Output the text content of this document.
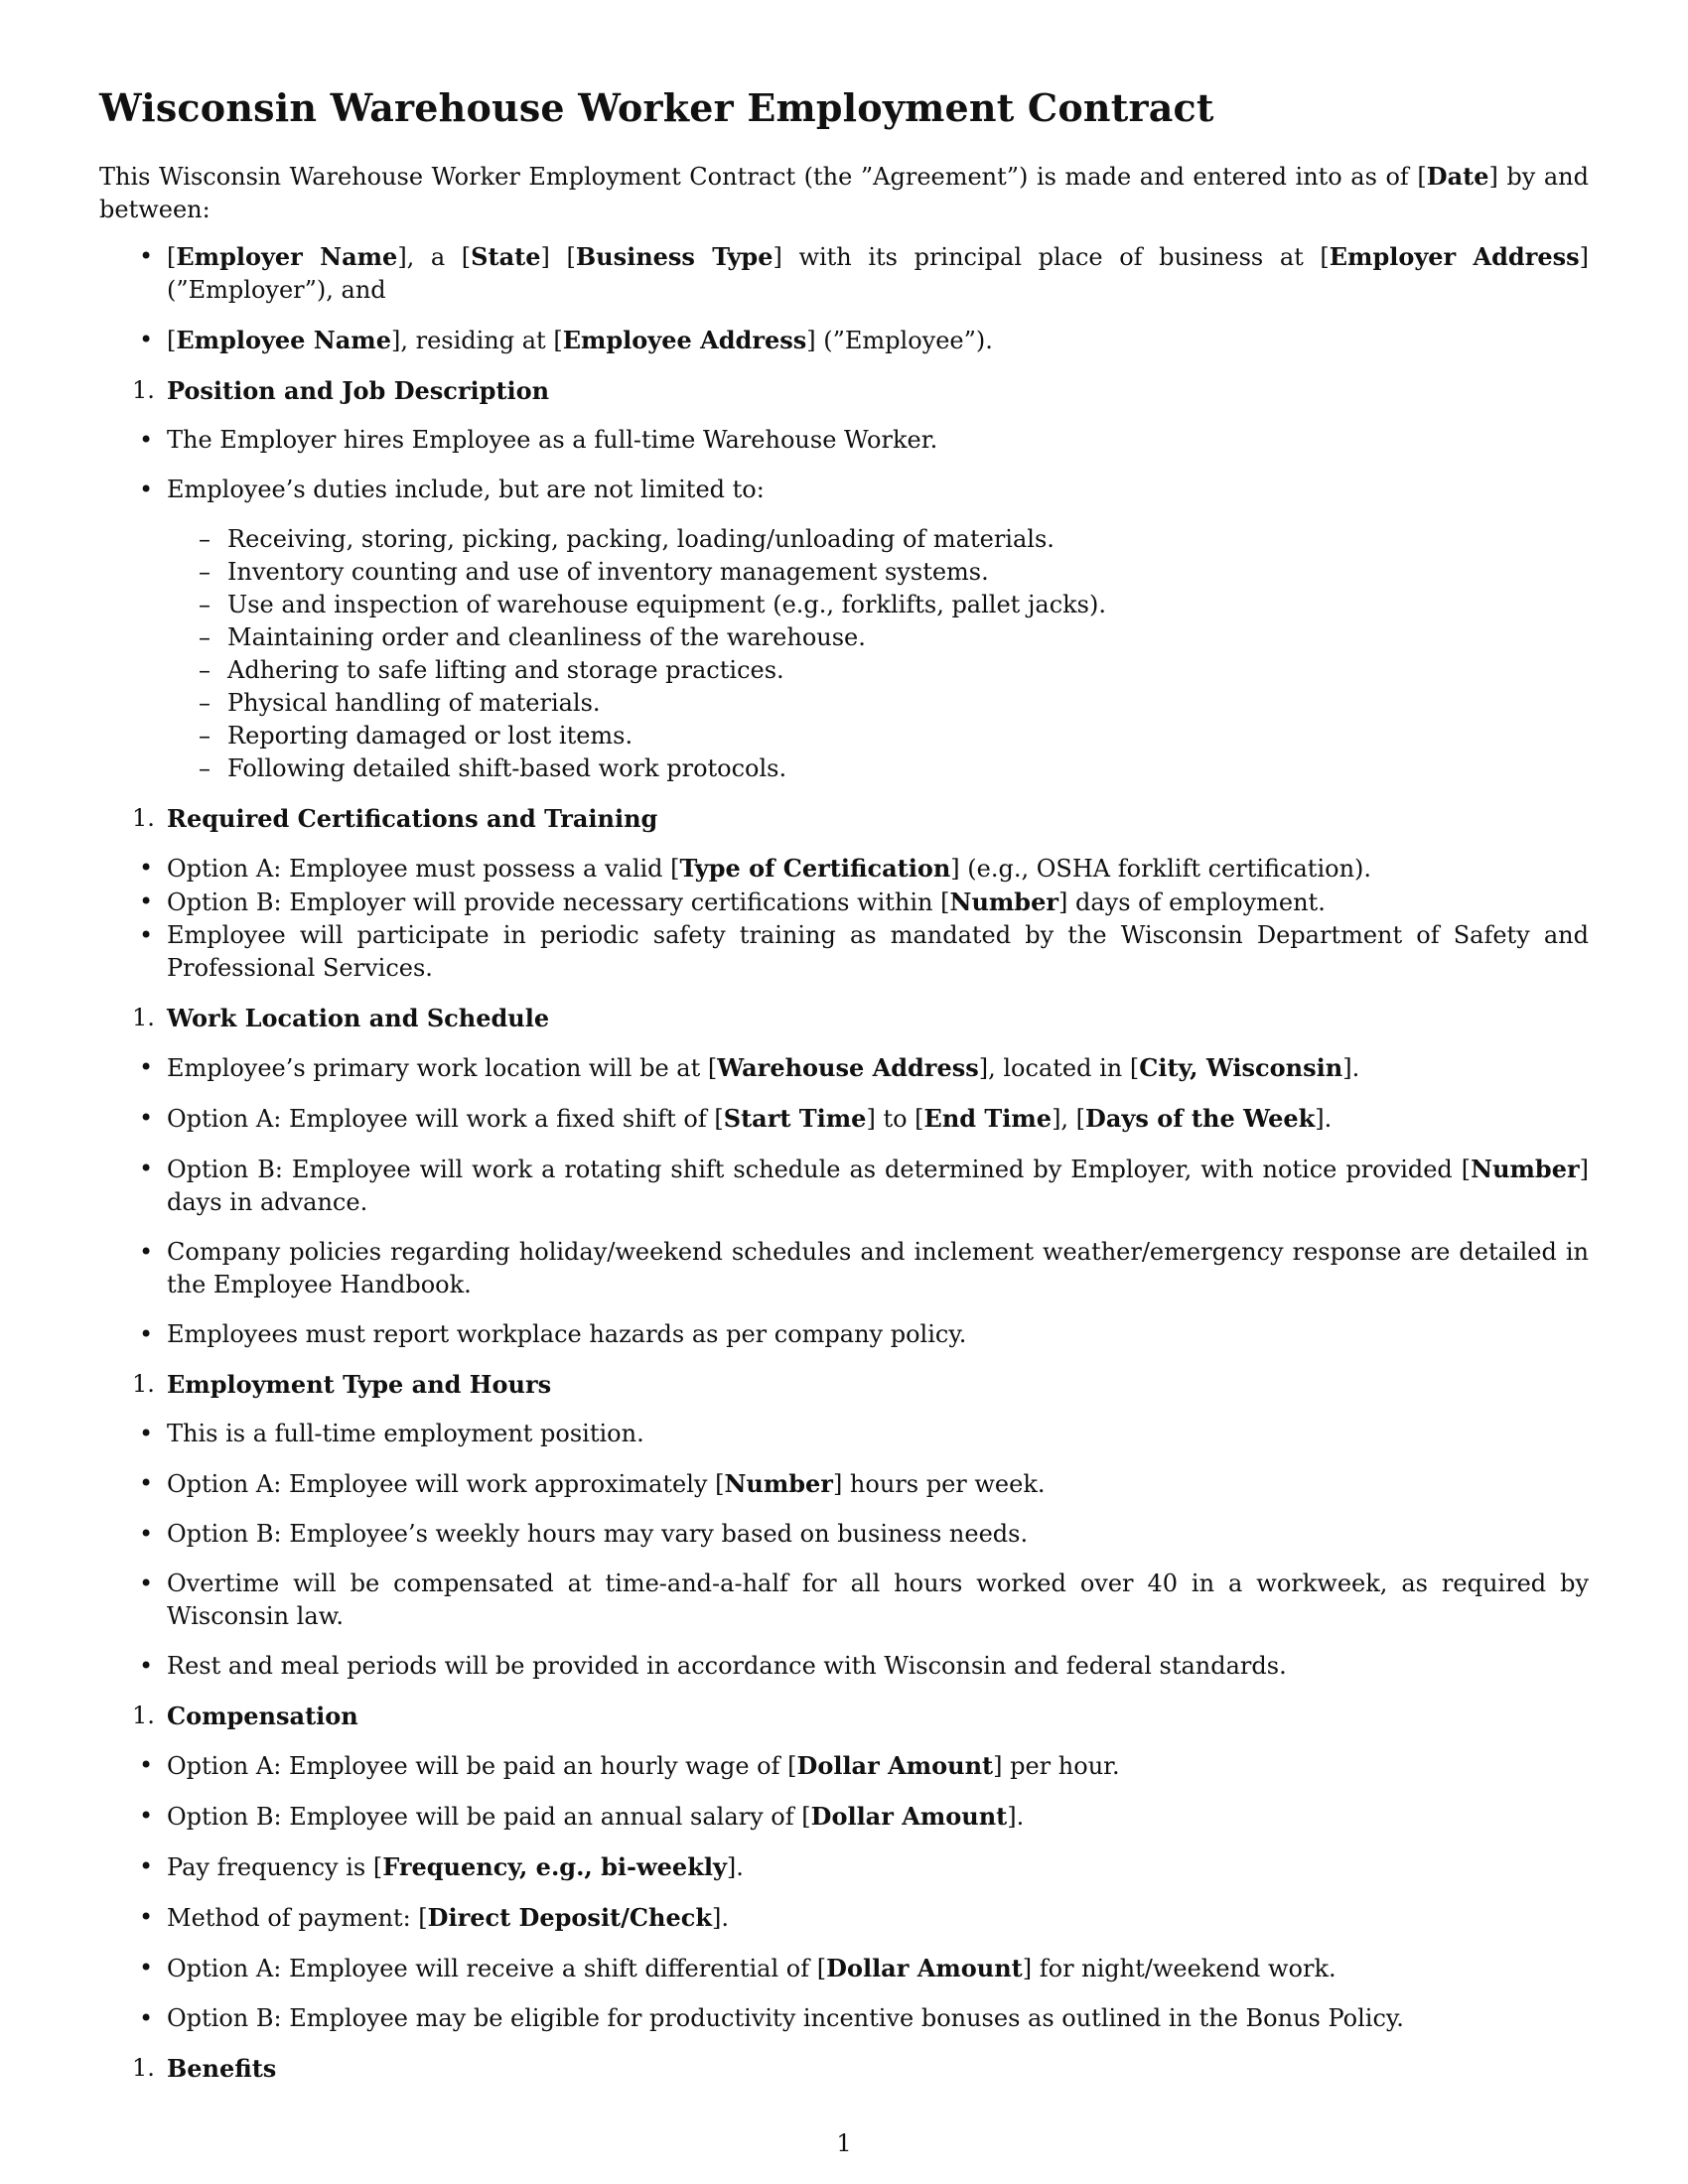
Wisconsin Warehouse Worker Employment Contract
This Wisconsin Warehouse Worker Employment Contract (the ”Agreement”) is made and entered into as of [Date] by and between:
• [Employer Name], a [State] [Business Type] with its principal place of business at [Employer Address] (”Employer”), and
• [Employee Name], residing at [Employee Address] (”Employee”).
1. Position and Job Description
• The Employer hires Employee as a full-time Warehouse Worker.
• Employee’s duties include, but are not limited to:
– Receiving, storing, picking, packing, loading/unloading of materials.
– Inventory counting and use of inventory management systems.
– Use and inspection of warehouse equipment (e.g., forklifts, pallet jacks).
– Maintaining order and cleanliness of the warehouse.
– Adhering to safe lifting and storage practices.
– Physical handling of materials.
– Reporting damaged or lost items.
– Following detailed shift-based work protocols.
1. Required Certifications and Training
• Option A: Employee must possess a valid [Type of Certification] (e.g., OSHA forklift certification).
• Option B: Employer will provide necessary certifications within [Number] days of employment.
• Employee will participate in periodic safety training as mandated by the Wisconsin Department of Safety and Professional Services.
1. Work Location and Schedule
• Employee’s primary work location will be at [Warehouse Address], located in [City, Wisconsin].
• Option A: Employee will work a fixed shift of [Start Time] to [End Time], [Days of the Week].
• Option B: Employee will work a rotating shift schedule as determined by Employer, with notice provided [Number] days in advance.
• Company policies regarding holiday/weekend schedules and inclement weather/emergency response are detailed in the Employee Handbook.
• Employees must report workplace hazards as per company policy.
1. Employment Type and Hours
• This is a full-time employment position.
• Option A: Employee will work approximately [Number] hours per week.
• Option B: Employee’s weekly hours may vary based on business needs.
• Overtime will be compensated at time-and-a-half for all hours worked over 40 in a workweek, as required by Wisconsin law.
• Rest and meal periods will be provided in accordance with Wisconsin and federal standards.
1. Compensation
• Option A: Employee will be paid an hourly wage of [Dollar Amount] per hour.
• Option B: Employee will be paid an annual salary of [Dollar Amount].
• Pay frequency is [Frequency, e.g., bi-weekly].
• Method of payment: [Direct Deposit/Check].
• Option A: Employee will receive a shift differential of [Dollar Amount] for night/weekend work.
• Option B: Employee may be eligible for productivity incentive bonuses as outlined in the Bonus Policy.
1. Benefits
1
